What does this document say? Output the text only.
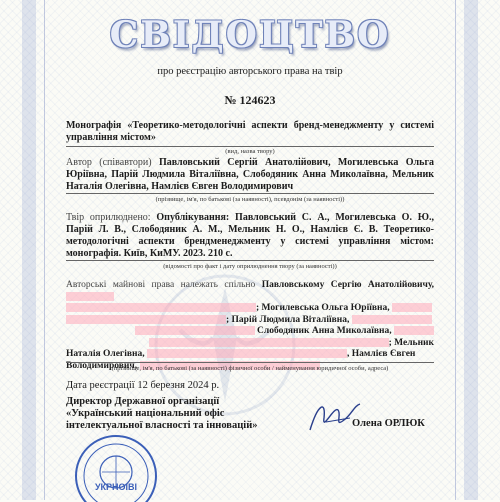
СВІДОЦТВО
про реєстрацію авторського права на твір
№ 124623
Монографія «Теоретико-методологічні аспекти бренд-менеджменту у системі управління містом»
(вид, назва твору)
Автор (співавтори) Павловський Сергій Анатолійович, Могилевська Ольга Юріївна, Парій Людмила Віталіївна, Слободяник Анна Миколаївна, Мельник Наталія Олегівна, Намлієв Євген Володимирович
(прізвище, ім'я, по батькові (за наявності), псевдонім (за наявності))
Твір оприлюднено: Опублікування: Павловський С. А., Могилевська О. Ю., Парій Л. В., Слободяник А. М., Мельник Н. О., Намлієв Є. В. Теоретико-методологічні аспекти брендменеджменту у системі управління містом: монографія. Київ, КиМУ. 2023. 210 с.
(відомості про факт і дату оприлюднення твору (за наявності))
Авторські майнові права належать спільно Павловському Сергію Анатолійовичу,
; Могилевська Ольга Юріївна,
; Парій Людмила Віталіївна,
Слободяник Анна Миколаївна,
; Мельник
Наталія Олегівна,	, Намлієв Євген
Володимирович,
(прізвище, ім'я, по батькові (за наявності) фізичної особи / найменування юридичної особи, адреса)
Дата реєстрації 12 березня 2024 р.
Директор Державної організації «Український національний офіс інтелектуальної власності та інновацій»	Олена ОРЛЮК
УКРНОІВІ
